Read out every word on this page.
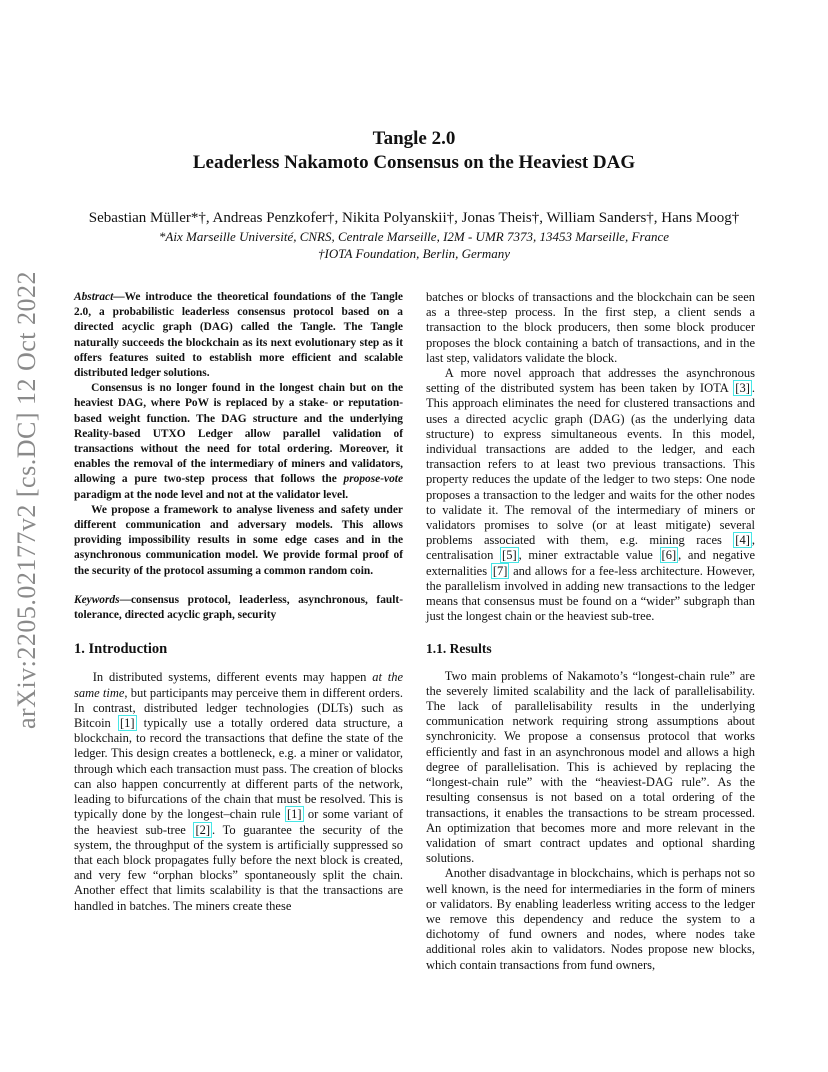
arXiv:2205.02177v2 [cs.DC] 12 Oct 2022
Tangle 2.0
Leaderless Nakamoto Consensus on the Heaviest DAG
Sebastian Müller*†, Andreas Penzkofer†, Nikita Polyanskii†, Jonas Theis†, William Sanders†, Hans Moog†
*Aix Marseille Université, CNRS, Centrale Marseille, I2M - UMR 7373, 13453 Marseille, France
†IOTA Foundation, Berlin, Germany

Abstract—We introduce the theoretical foundations of the Tangle 2.0, a probabilistic leaderless consensus protocol based on a directed acyclic graph (DAG) called the Tangle. The Tangle naturally succeeds the blockchain as its next evolutionary step as it offers features suited to establish more efficient and scalable distributed ledger solutions.

Consensus is no longer found in the longest chain but on the heaviest DAG, where PoW is replaced by a stake- or reputation-based weight function. The DAG structure and the underlying Reality-based UTXO Ledger allow parallel validation of transactions without the need for total ordering. Moreover, it enables the removal of the intermediary of miners and validators, allowing a pure two-step process that follows the propose-vote paradigm at the node level and not at the validator level.

We propose a framework to analyse liveness and safety under different communication and adversary models. This allows providing impossibility results in some edge cases and in the asynchronous communication model. We provide formal proof of the security of the protocol assuming a common random coin.

Keywords—consensus protocol, leaderless, asynchronous, fault-tolerance, directed acyclic graph, security

1. Introduction

In distributed systems, different events may happen at the same time, but participants may perceive them in different orders. In contrast, distributed ledger technologies (DLTs) such as Bitcoin [1] typically use a totally ordered data structure, a blockchain, to record the transactions that define the state of the ledger. This design creates a bottleneck, e.g. a miner or validator, through which each transaction must pass. The creation of blocks can also happen concurrently at different parts of the network, leading to bifurcations of the chain that must be resolved. This is typically done by the longest–chain rule [1] or some variant of the heaviest sub-tree [2] . To guarantee the security of the system, the throughput of the system is artificially suppressed so that each block propagates fully before the next block is created, and very few “orphan blocks” spontaneously split the chain. Another effect that limits scalability is that the transactions are handled in batches. The miners create these

batches or blocks of transactions and the blockchain can be seen as a three-step process. In the first step, a client sends a transaction to the block producers, then some block producer proposes the block containing a batch of transactions, and in the last step, validators validate the block.

A more novel approach that addresses the asynchronous setting of the distributed system has been taken by IOTA [3] . This approach eliminates the need for clustered transactions and uses a directed acyclic graph (DAG) (as the underlying data structure) to express simultaneous events. In this model, individual transactions are added to the ledger, and each transaction refers to at least two previous transactions. This property reduces the update of the ledger to two steps: One node proposes a transaction to the ledger and waits for the other nodes to validate it. The removal of the intermediary of miners or validators promises to solve (or at least mitigate) several problems associated with them, e.g. mining races [4] , centralisation [5] , miner extractable value [6] , and negative externalities [7] and allows for a fee-less architecture. However, the parallelism involved in adding new transactions to the ledger means that consensus must be found on a “wider” subgraph than just the longest chain or the heaviest sub-tree.

1.1. Results

Two main problems of Nakamoto’s “longest-chain rule” are the severely limited scalability and the lack of parallelisability. The lack of parallelisability results in the underlying communication network requiring strong assumptions about synchronicity. We propose a consensus protocol that works efficiently and fast in an asynchronous model and allows a high degree of parallelisation. This is achieved by replacing the “longest-chain rule” with the “heaviest-DAG rule”. As the resulting consensus is not based on a total ordering of the transactions, it enables the transactions to be stream processed. An optimization that becomes more and more relevant in the validation of smart contract updates and optional sharding solutions.

Another disadvantage in blockchains, which is perhaps not so well known, is the need for intermediaries in the form of miners or validators. By enabling leaderless writing access to the ledger we remove this dependency and reduce the system to a dichotomy of fund owners and nodes, where nodes take additional roles akin to validators. Nodes propose new blocks, which contain transactions from fund owners,
